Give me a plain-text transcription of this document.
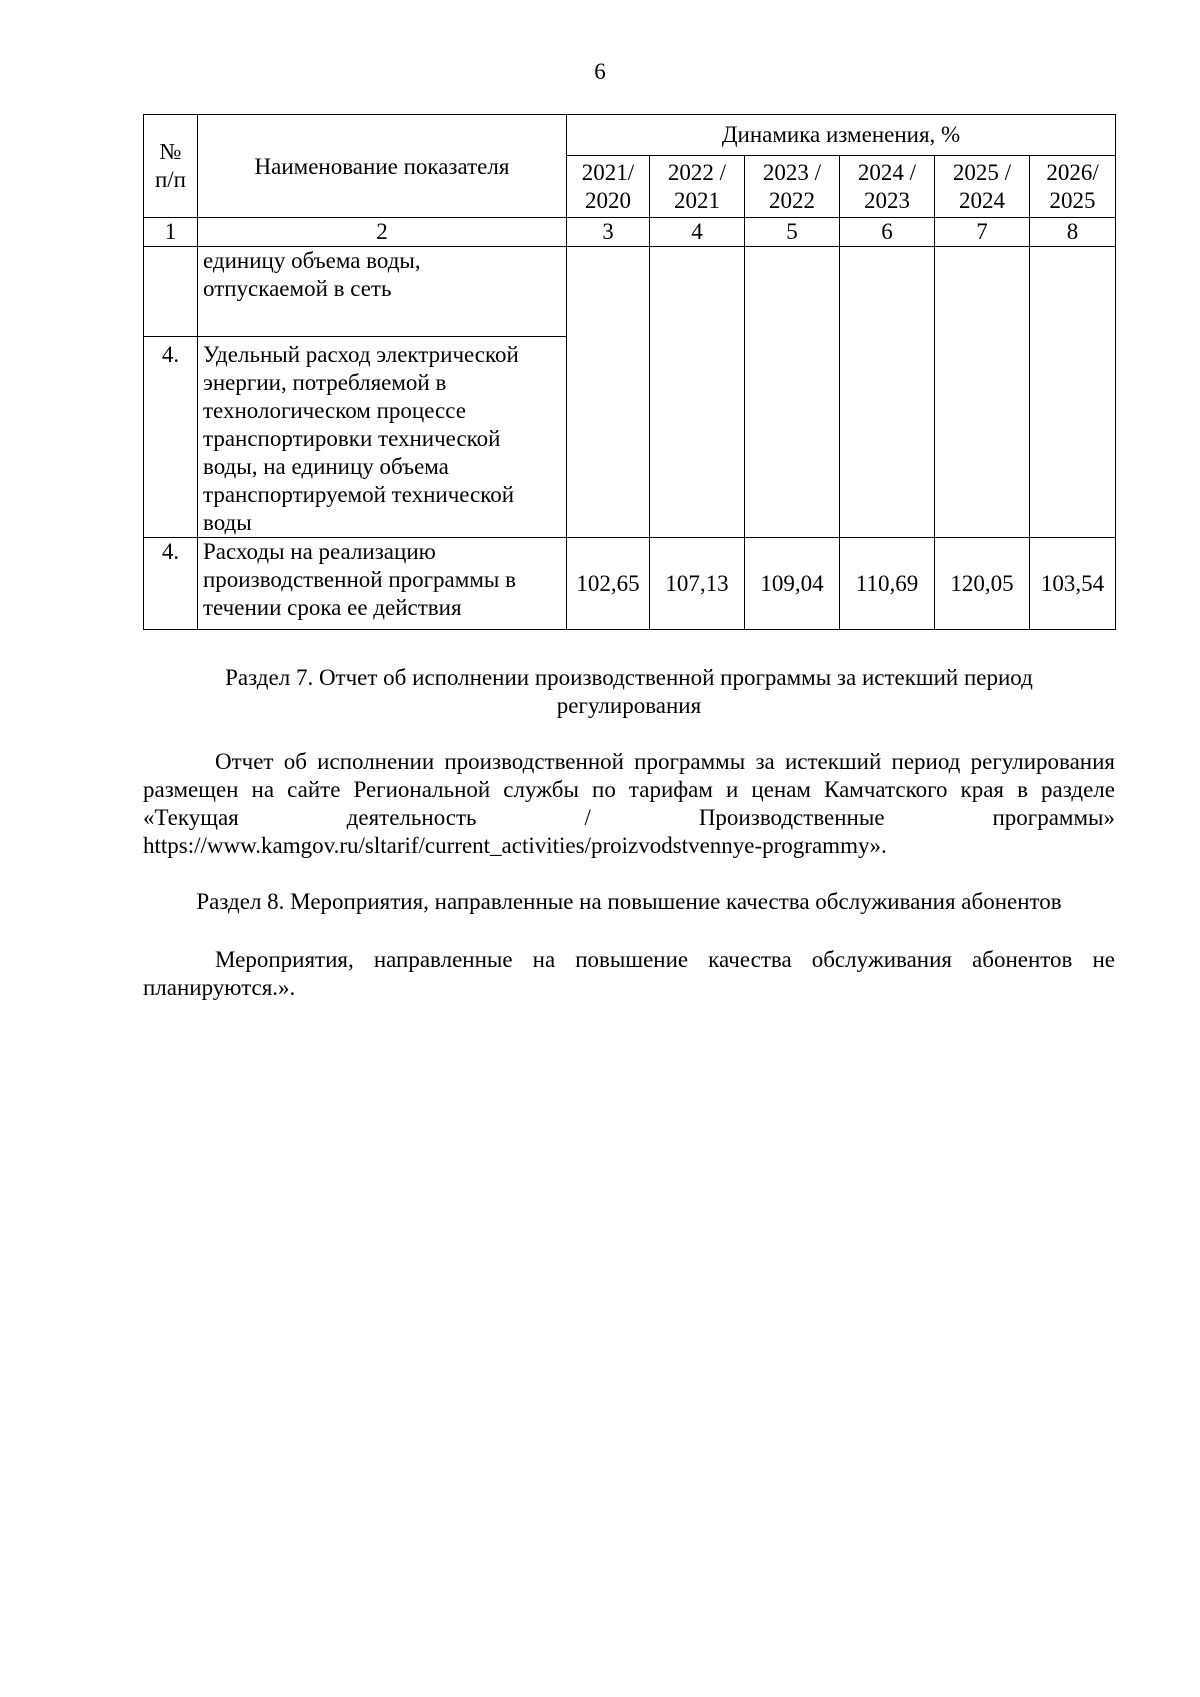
6
№ п/п	Наименование показателя	Динамика изменения, %					

		2021/ 2020	2022 / 2021	2023 / 2022	2024 / 2023	2025 / 2024	2026/ 2025

1	2	3	4	5	6	7	8

	единицу объема воды, отпускаемой в сеть						

4.	Удельный расход электрической энергии, потребляемой в технологическом процессе транспортировки технической воды, на единицу объема транспортируемой технической воды						

4.	Расходы на реализацию производственной программы в течении срока ее действия	102,65	107,13	109,04	110,69	120,05	103,54
Раздел 7. Отчет об исполнении производственной программы за истекший период регулирования
Отчет об исполнении производственной программы за истекший период регулирования размещен на сайте Региональной службы по тарифам и ценам Камчатского края в разделе «Текущая деятельность / Производственные программы» https://www.kamgov.ru/sltarif/current_activities/proizvodstvennye-programmy».
Раздел 8. Мероприятия, направленные на повышение качества обслуживания абонентов
Мероприятия, направленные на повышение качества обслуживания абонентов не планируются.».
